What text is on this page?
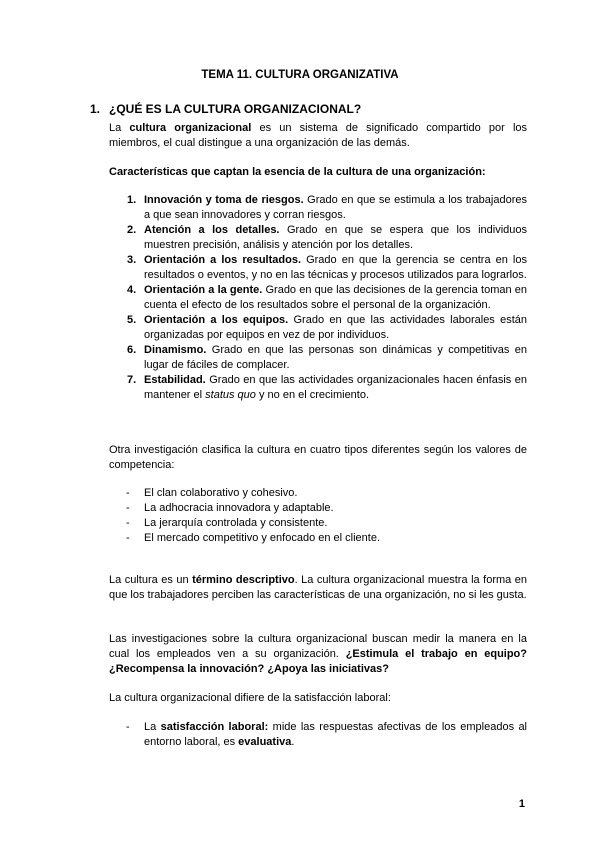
TEMA 11. CULTURA ORGANIZATIVA
1. ¿QUÉ ES LA CULTURA ORGANIZACIONAL?
La cultura organizacional es un sistema de significado compartido por los miembros, el cual distingue a una organización de las demás.
Características que captan la esencia de la cultura de una organización:
1. Innovación y toma de riesgos. Grado en que se estimula a los trabajadores a que sean innovadores y corran riesgos.
2. Atención a los detalles. Grado en que se espera que los individuos muestren precisión, análisis y atención por los detalles.
3. Orientación a los resultados. Grado en que la gerencia se centra en los resultados o eventos, y no en las técnicas y procesos utilizados para lograrlos.
4. Orientación a la gente. Grado en que las decisiones de la gerencia toman en cuenta el efecto de los resultados sobre el personal de la organización.
5. Orientación a los equipos. Grado en que las actividades laborales están organizadas por equipos en vez de por individuos.
6. Dinamismo. Grado en que las personas son dinámicas y competitivas en lugar de fáciles de complacer.
7. Estabilidad. Grado en que las actividades organizacionales hacen énfasis en mantener el status quo y no en el crecimiento.
Otra investigación clasifica la cultura en cuatro tipos diferentes según los valores de competencia:
- El clan colaborativo y cohesivo.
- La adhocracia innovadora y adaptable.
- La jerarquía controlada y consistente.
- El mercado competitivo y enfocado en el cliente.
La cultura es un término descriptivo. La cultura organizacional muestra la forma en que los trabajadores perciben las características de una organización, no si les gusta.
Las investigaciones sobre la cultura organizacional buscan medir la manera en la cual los empleados ven a su organización. ¿Estimula el trabajo en equipo?¿Recompensa la innovación? ¿Apoya las iniciativas?
La cultura organizacional difiere de la satisfacción laboral:
- La satisfacción laboral: mide las respuestas afectivas de los empleados al entorno laboral, es evaluativa.
1
